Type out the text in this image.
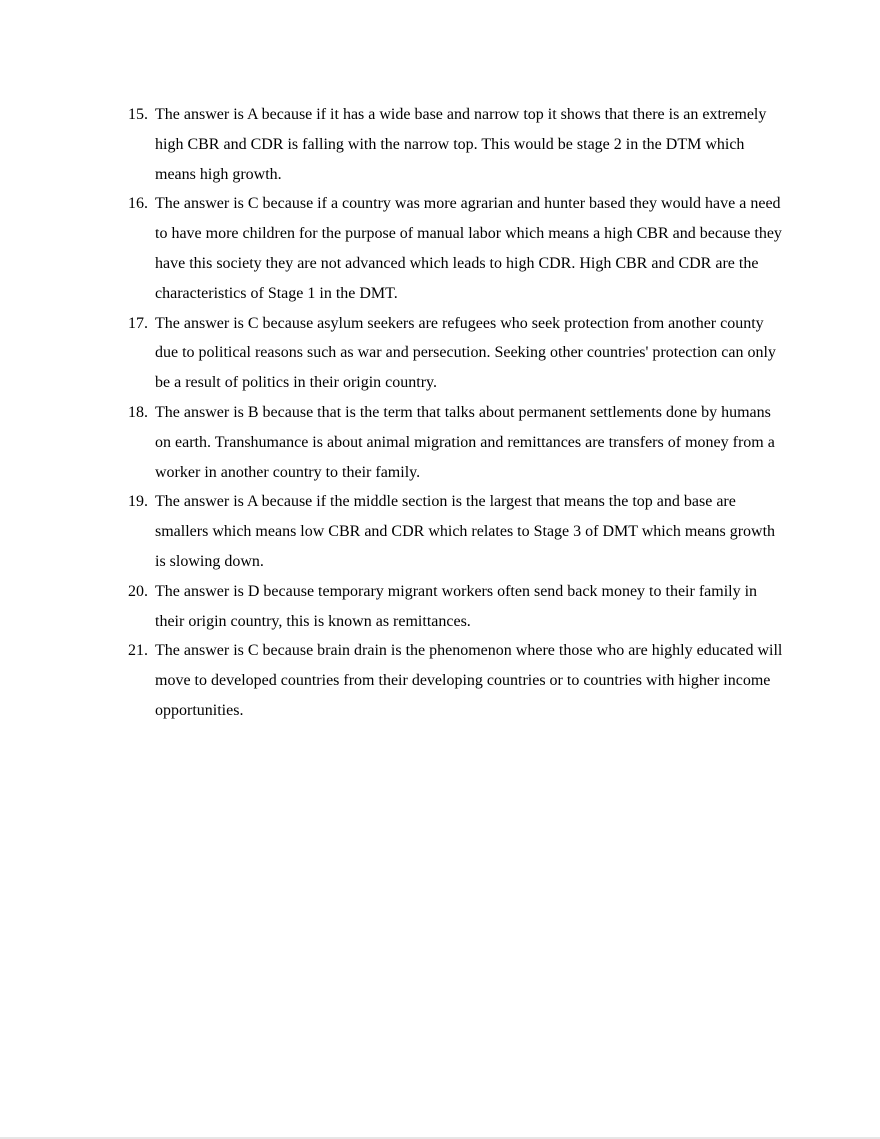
15. The answer is A because if it has a wide base and narrow top it shows that there is an extremely high CBR and CDR is falling with the narrow top. This would be stage 2 in the DTM which means high growth.
16. The answer is C because if a country was more agrarian and hunter based they would have a need to have more children for the purpose of manual labor which means a high CBR and because they have this society they are not advanced which leads to high CDR. High CBR and CDR are the characteristics of Stage 1 in the DMT.
17. The answer is C because asylum seekers are refugees who seek protection from another county due to political reasons such as war and persecution. Seeking other countries' protection can only be a result of politics in their origin country.
18. The answer is B because that is the term that talks about permanent settlements done by humans on earth. Transhumance is about animal migration and remittances are transfers of money from a worker in another country to their family.
19. The answer is A because if the middle section is the largest that means the top and base are smallers which means low CBR and CDR which relates to Stage 3 of DMT which means growth is slowing down.
20. The answer is D because temporary migrant workers often send back money to their family in their origin country, this is known as remittances.
21. The answer is C because brain drain is the phenomenon where those who are highly educated will move to developed countries from their developing countries or to countries with higher income opportunities.
